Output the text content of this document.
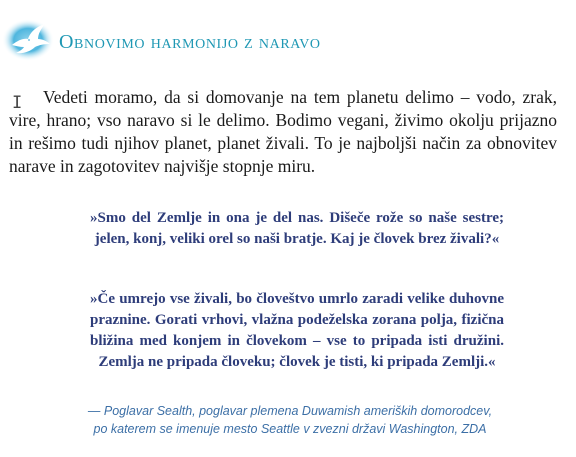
Obnovimo harmonijo z naravo
I	Vedeti moramo, da si domovanje na tem planetu delimo – vodo, zrak, vire, hrano; vso naravo si le delimo. Bodimo vegani, živimo okolju prijazno in rešimo tudi njihov planet, planet živali. To je najboljši način za obnovitev narave in zagotovitev najvišje stopnje miru.

»Smo del Zemlje in ona je del nas. Dišeče rože so naše sestre; jelen, konj, veliki orel so naši bratje. Kaj je človek brez živali?«

»Če umrejo vse živali, bo človeštvo umrlo zaradi velike duhovne praznine. Gorati vrhovi, vlažna podeželska zorana polja, fizična bližina med konjem in človekom – vse to pripada isti družini. Zemlja ne pripada človeku; človek je tisti, ki pripada Zemlji.«

— Poglavar Sealth, poglavar plemena Duwamish ameriških domorodcev,

po katerem se imenuje mesto Seattle v zvezni državi Washington, ZDA
